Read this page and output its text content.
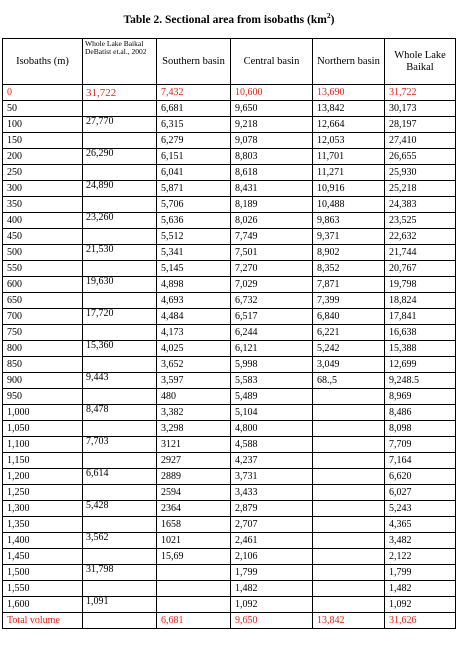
Table 2. Sectional area from isobaths $(km^2)$
Isobaths (m)	Whole Lake Baikal DeBatist et.al., 2002	Southern basin	Central basin	Northern basin	Whole Lake Baikal
0	31,722	7,432	10,600	13,690	31,722
50		6,681	9,650	13,842	30,173
100	27,770	6,315	9,218	12,664	28,197
150		6,279	9,078	12,053	27,410
200	26,290	6,151	8,803	11,701	26,655
250		6,041	8,618	11,271	25,930
300	24,890	5,871	8,431	10,916	25,218
350		5,706	8,189	10,488	24,383
400	23,260	5,636	8,026	9,863	23,525
450		5,512	7,749	9,371	22,632
500	21,530	5,341	7,501	8,902	21,744
550		5,145	7,270	8,352	20,767
600	19,630	4,898	7,029	7,871	19,798
650		4,693	6,732	7,399	18,824
700	17,720	4,484	6,517	6,840	17,841
750		4,173	6,244	6,221	16,638
800	15,360	4,025	6,121	5,242	15,388
850		3,652	5,998	3,049	12,699
900	9,443	3,597	5,583	68.,5	9,248.5
950		480	5,489		8,969
1,000	8,478	3,382	5,104		8,486
1,050		3,298	4,800		8,098
1,100	7,703	3121	4,588		7,709
1,150		2927	4,237		7,164
1,200	6,614	2889	3,731		6,620
1,250		2594	3,433		6,027
1,300	5,428	2364	2,879		5,243
1,350		1658	2,707		4,365
1,400	3,562	1021	2,461		3,482
1,450		15,69	2,106		2,122
1,500	31,798		1,799		1,799
1,550			1,482		1,482
1,600	1,091		1,092		1,092
Total volume		6,681	9,650	13,842	31,626
